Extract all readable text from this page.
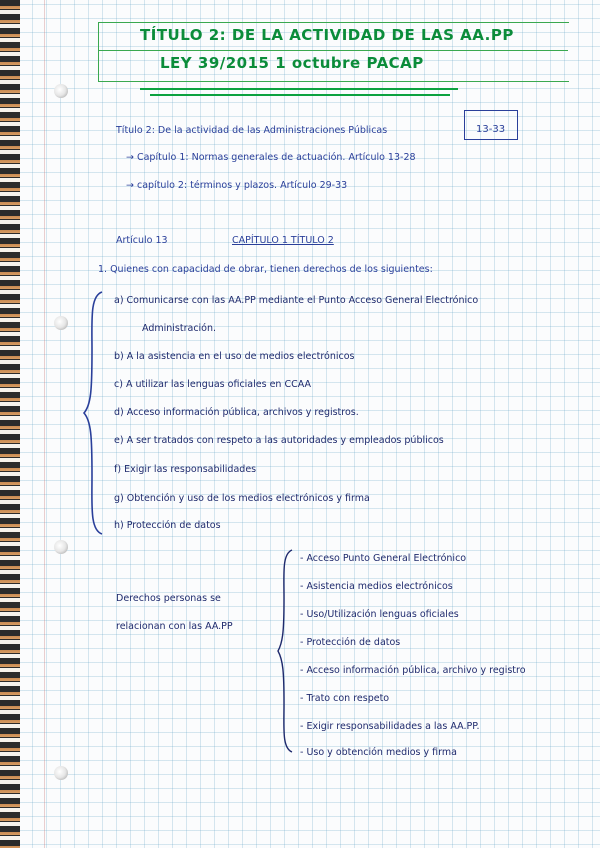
TÍTULO 2: DE LA ACTIVIDAD DE LAS AA.PP
LEY 39/2015 1 octubre PACAP
Título 2: De la actividad de las Administraciones Públicas	13-33
→ Capítulo 1: Normas generales de actuación. Artículo 13-28
→ capítulo 2: términos y plazos. Artículo 29-33
Artículo 13	CAPÍTULO 1 TÍTULO 2
1. Quienes con capacidad de obrar, tienen derechos de los siguientes:
a) Comunicarse con las AA.PP mediante el Punto Acceso General Electrónico
Administración.
b) A la asistencia en el uso de medios electrónicos
c) A utilizar las lenguas oficiales en CCAA
d) Acceso información pública, archivos y registros.
e) A ser tratados con respeto a las autoridades y empleados públicos
f) Exigir las responsabilidades
g) Obtención y uso de los medios electrónicos y firma
h) Protección de datos
Derechos personas se
relacionan con las AA.PP
- Acceso Punto General Electrónico
- Asistencia medios electrónicos
- Uso/Utilización lenguas oficiales
- Protección de datos
- Acceso información pública, archivo y registro
- Trato con respeto
- Exigir responsabilidades a las AA.PP.
- Uso y obtención medios y firma
